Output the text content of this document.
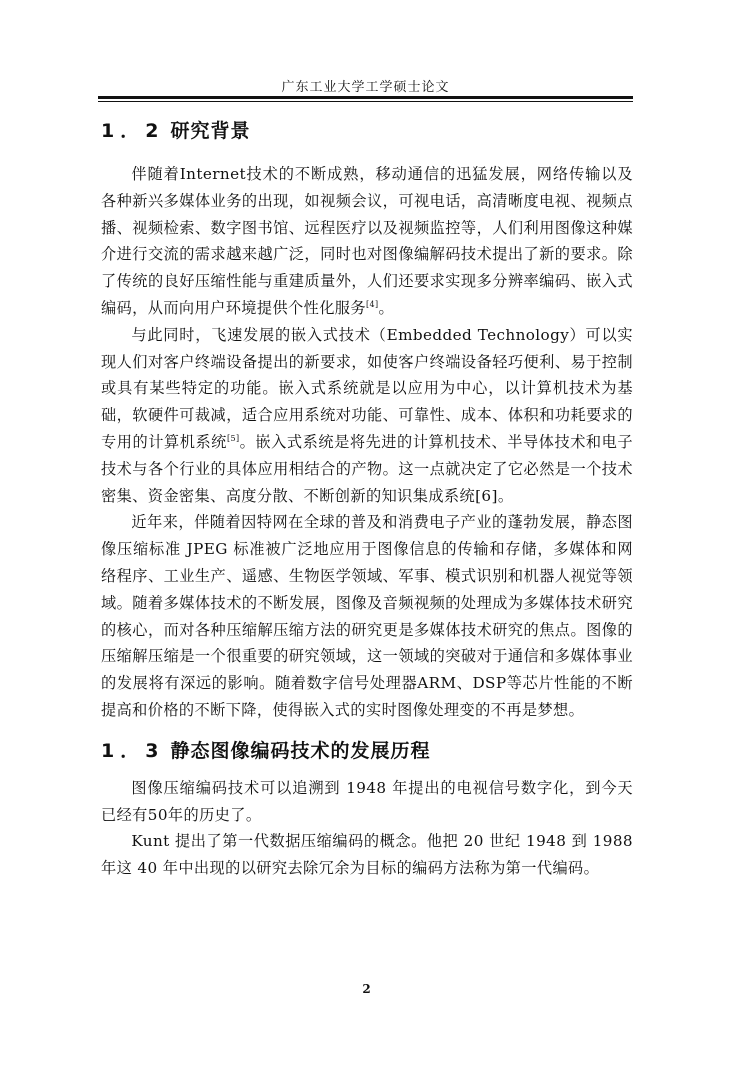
广东工业大学工学硕士论文
1．2 研究背景

伴随着Internet技术的不断成熟，移动通信的迅猛发展，网络传输以及各种新兴多媒体业务的出现，如视频会议，可视电话，高清晰度电视、视频点播、视频检索、数字图书馆、远程医疗以及视频监控等，人们利用图像这种媒介进行交流的需求越来越广泛，同时也对图像编解码技术提出了新的要求。除了传统的良好压缩性能与重建质量外，人们还要求实现多分辨率编码、嵌入式编码，从而向用户环境提供个性化服务[4]。

与此同时，飞速发展的嵌入式技术（Embedded Technology）可以实现人们对客户终端设备提出的新要求，如使客户终端设备轻巧便利、易于控制或具有某些特定的功能。嵌入式系统就是以应用为中心，以计算机技术为基础，软硬件可裁减，适合应用系统对功能、可靠性、成本、体积和功耗要求的专用的计算机系统[5]。嵌入式系统是将先进的计算机技术、半导体技术和电子技术与各个行业的具体应用相结合的产物。这一点就决定了它必然是一个技术密集、资金密集、高度分散、不断创新的知识集成系统[6]。

近年来，伴随着因特网在全球的普及和消费电子产业的蓬勃发展，静态图像压缩标准 JPEG 标准被广泛地应用于图像信息的传输和存储，多媒体和网络程序、工业生产、遥感、生物医学领域、军事、模式识别和机器人视觉等领域。随着多媒体技术的不断发展，图像及音频视频的处理成为多媒体技术研究的核心，而对各种压缩解压缩方法的研究更是多媒体技术研究的焦点。图像的压缩解压缩是一个很重要的研究领域，这一领域的突破对于通信和多媒体事业的发展将有深远的影响。随着数字信号处理器ARM、DSP等芯片性能的不断提高和价格的不断下降，使得嵌入式的实时图像处理变的不再是梦想。

1．3 静态图像编码技术的发展历程

图像压缩编码技术可以追溯到 1948 年提出的电视信号数字化，到今天已经有50年的历史了。

Kunt 提出了第一代数据压缩编码的概念。他把 20 世纪 1948 到 1988 年这 40 年中出现的以研究去除冗余为目标的编码方法称为第一代编码。

2
